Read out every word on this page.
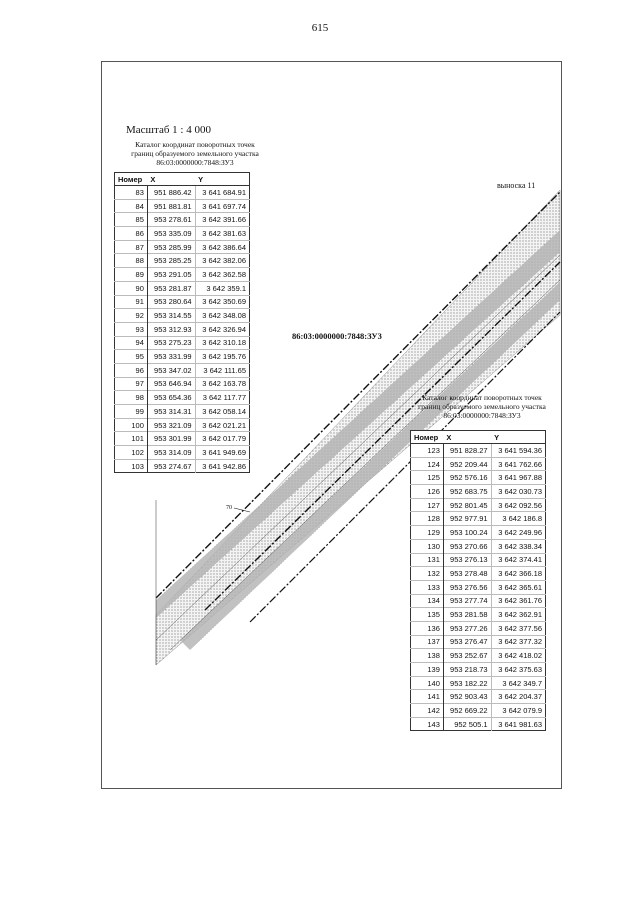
615
Масштаб 1 : 4 000
Каталог координат поворотных точек
границ образуемого земельного участка
86:03:0000000:7848:ЗУ3
Номер	X	Y
83	951 886.42	3 641 684.91
84	951 881.81	3 641 697.74
85	953 278.61	3 642 391.66
86	953 335.09	3 642 381.63
87	953 285.99	3 642 386.64
88	953 285.25	3 642 382.06
89	953 291.05	3 642 362.58
90	953 281.87	3 642 359.1
91	953 280.64	3 642 350.69
92	953 314.55	3 642 348.08
93	953 312.93	3 642 326.94
94	953 275.23	3 642 310.18
95	953 331.99	3 642 195.76
96	953 347.02	3 642 111.65
97	953 646.94	3 642 163.78
98	953 654.36	3 642 117.77
99	953 314.31	3 642 058.14
100	953 321.09	3 642 021.21
101	953 301.99	3 642 017.79
102	953 314.09	3 641 949.69
103	953 274.67	3 641 942.86
выноска 11
86:03:0000000:7848:ЗУ3
70
Каталог координат поворотных точек
границ образуемого земельного участка
86:03:0000000:7848:ЗУ3
Номер	X	Y
123	951 828.27	3 641 594.36
124	952 209.44	3 641 762.66
125	952 576.16	3 641 967.88
126	952 683.75	3 642 030.73
127	952 801.45	3 642 092.56
128	952 977.91	3 642 186.8
129	953 100.24	3 642 249.96
130	953 270.66	3 642 338.34
131	953 276.13	3 642 374.41
132	953 278.48	3 642 366.18
133	953 276.56	3 642 365.61
134	953 277.74	3 642 361.76
135	953 281.58	3 642 362.91
136	953 277.26	3 642 377.56
137	953 276.47	3 642 377.32
138	953 252.67	3 642 418.02
139	953 218.73	3 642 375.63
140	953 182.22	3 642 349.7
141	952 903.43	3 642 204.37
142	952 669.22	3 642 079.9
143	952 505.1	3 641 981.63
